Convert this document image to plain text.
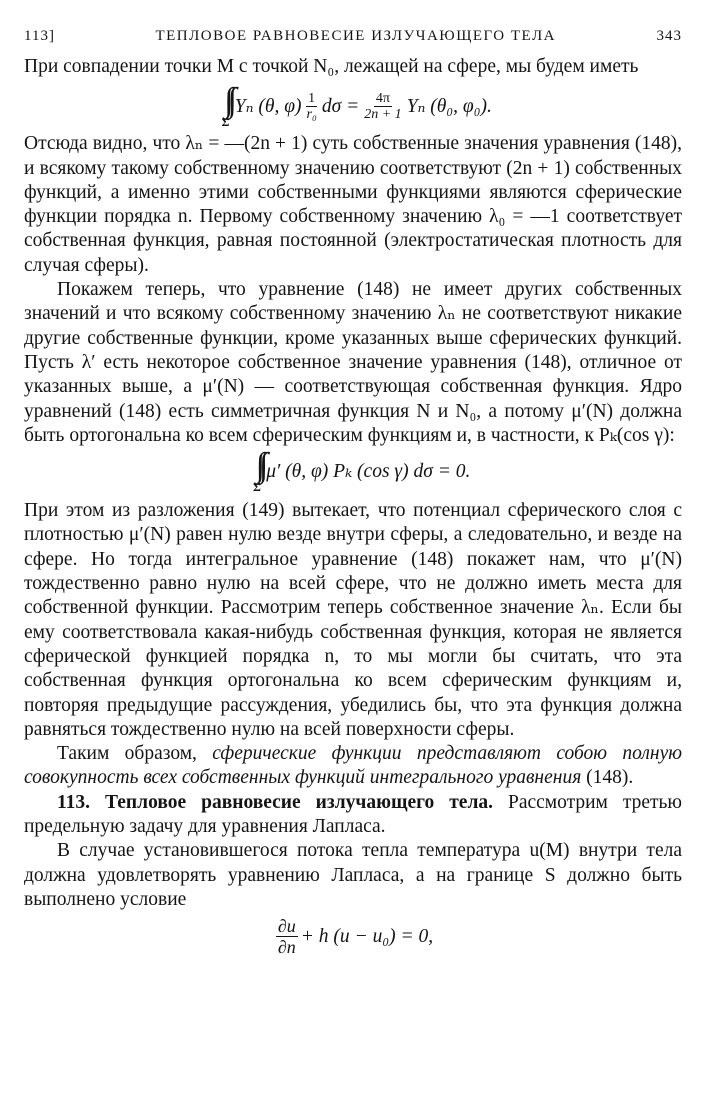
113]	ТЕПЛОВОЕ РАВНОВЕСИЕ ИЗЛУЧАЮЩЕГО ТЕЛА	343

При совпадении точки M с точкой N₀, лежащей на сфере, мы будем иметь

∫∫
Σ
Yₙ (θ, $\varphi) \frac{1}{\text{r₀}}$ $d\sigma = \frac{4\pi}{2n + 1}$ Yₙ (θ₀, φ₀).

Отсюда видно, что λₙ = —(2n + 1) суть собственные значения уравнения (148), и всякому такому собственному значению соответствуют (2n + 1) собственных функций, а именно этими собственными функциями являются сферические функции порядка n. Первому собственному значению λ₀ = —1 соответствует собственная функция, равная постоянной (электростатическая плотность для случая сферы).

Покажем теперь, что уравнение (148) не имеет других собственных значений и что всякому собственному значению λₙ не соответствуют никакие другие собственные функции, кроме указанных выше сферических функций. Пусть λ′ есть некоторое собственное значение уравнения (148), отличное от указанных выше, а μ′(N) — соответствующая собственная функция. Ядро уравнений (148) есть симметричная функция N и N₀, а потому μ′(N) должна быть ортогональна ко всем сферическим функциям и, в частности, к Pₖ(cos γ):

∫∫
Σ
μ′ (θ, φ) Pₖ (cos γ) dσ = 0.

При этом из разложения (149) вытекает, что потенциал сферического слоя с плотностью μ′(N) равен нулю везде внутри сферы, а следовательно, и везде на сфере. Но тогда интегральное уравнение (148) покажет нам, что μ′(N) тождественно равно нулю на всей сфере, что не должно иметь места для собственной функции. Рассмотрим теперь собственное значение λₙ. Если бы ему соответствовала какая-нибудь собственная функция, которая не является сферической функцией порядка n, то мы могли бы считать, что эта собственная функция ортогональна ко всем сферическим функциям и, повторяя предыдущие рассуждения, убедились бы, что эта функция должна равняться тождественно нулю на всей поверхности сферы.

Таким образом, сферические функции представляют собою полную совокупность всех собственных функций интегрального уравнения (148).

113. Тепловое равновесие излучающего тела. Рассмотрим третью предельную задачу для уравнения Лапласа.

В случае установившегося потока тепла температура u(M) внутри тела должна удовлетворять уравнению Лапласа, а на границе S должно быть выполнено условие

$\frac{\partial u}{\partial n} + h$ (u − u₀) = 0,
